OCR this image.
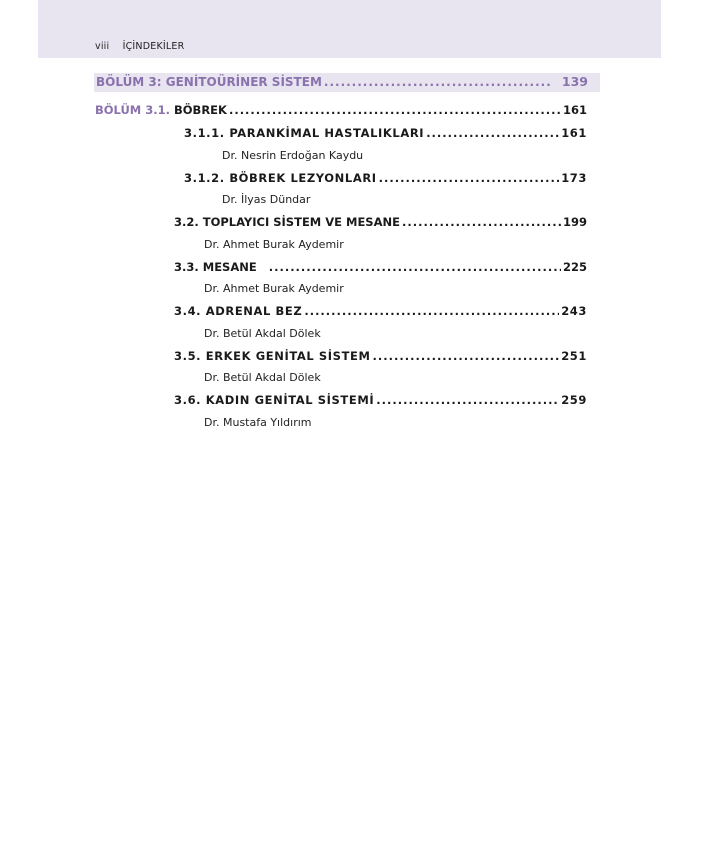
viii İÇİNDEKİLER
BÖLÜM 3: GENİTOÜRİNER SİSTEM .....	139
BÖLÜM 3.1. BÖBREK .....	161
3.1.1. PARANKİMAL HASTALIKLARI .....	161
Dr. Nesrin Erdoğan Kaydu
3.1.2. BÖBREK LEZYONLARI .....	173
Dr. İlyas Dündar
3.2. TOPLAYICI SİSTEM VE MESANE .....	199
Dr. Ahmet Burak Aydemir
3.3. MESANE .....	225
Dr. Ahmet Burak Aydemir
3.4. ADRENAL BEZ .....	243
Dr. Betül Akdal Dölek
3.5. ERKEK GENİTAL SİSTEM .....	251
Dr. Betül Akdal Dölek
3.6. KADIN GENİTAL SİSTEMİ .....	259
Dr. Mustafa Yıldırım
